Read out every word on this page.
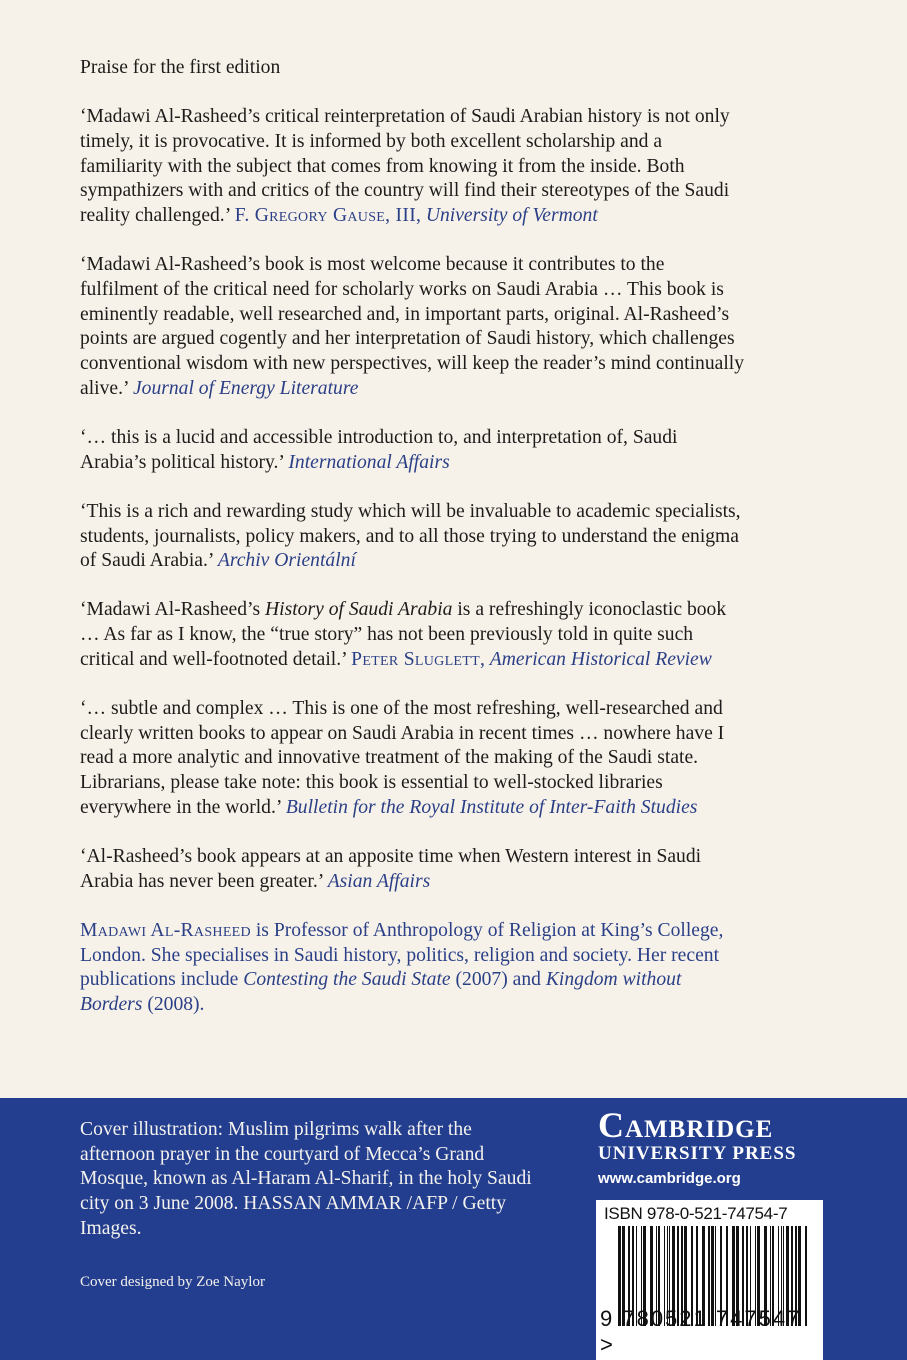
Praise for the first edition

‘Madawi Al-Rasheed’s critical reinterpretation of Saudi Arabian history is not only timely, it is provocative. It is informed by both excellent scholarship and a familiarity with the subject that comes from knowing it from the inside. Both sympathizers with and critics of the country will find their stereotypes of the Saudi reality challenged.’ F. Gregory Gause, III, University of Vermont

‘Madawi Al-Rasheed’s book is most welcome because it contributes to the fulfilment of the critical need for scholarly works on Saudi Arabia … This book is eminently readable, well researched and, in important parts, original. Al-Rasheed’s points are argued cogently and her interpretation of Saudi history, which challenges conventional wisdom with new perspectives, will keep the reader’s mind continually alive.’ Journal of Energy Literature

‘… this is a lucid and accessible introduction to, and interpretation of, Saudi Arabia’s political history.’ International Affairs

‘This is a rich and rewarding study which will be invaluable to academic specialists, students, journalists, policy makers, and to all those trying to understand the enigma of Saudi Arabia.’ Archiv Orientální

‘Madawi Al-Rasheed’s History of Saudi Arabia is a refreshingly iconoclastic book … As far as I know, the “true story” has not been previously told in quite such critical and well-footnoted detail.’ Peter Sluglett, American Historical Review

‘… subtle and complex … This is one of the most refreshing, well-researched and clearly written books to appear on Saudi Arabia in recent times … nowhere have I read a more analytic and innovative treatment of the making of the Saudi state. Librarians, please take note: this book is essential to well-stocked libraries everywhere in the world.’ Bulletin for the Royal Institute of Inter-Faith Studies

‘Al-Rasheed’s book appears at an apposite time when Western interest in Saudi Arabia has never been greater.’ Asian Affairs

Madawi Al-Rasheed is Professor of Anthropology of Religion at King’s College, London. She specialises in Saudi history, politics, religion and society. Her recent publications include Contesting the Saudi State (2007) and Kingdom without Borders (2008).

Cover illustration: Muslim pilgrims walk after the afternoon prayer in the courtyard of Mecca’s Grand Mosque, known as Al-Haram Al-Sharif, in the holy Saudi city on 3 June 2008. HASSAN AMMAR /AFP / Getty Images.
Cover designed by Zoe Naylor
Cambridge
UNIVERSITY PRESS
www.cambridge.org
ISBN 978-0-521-74754-7
9 780521 747547 >
